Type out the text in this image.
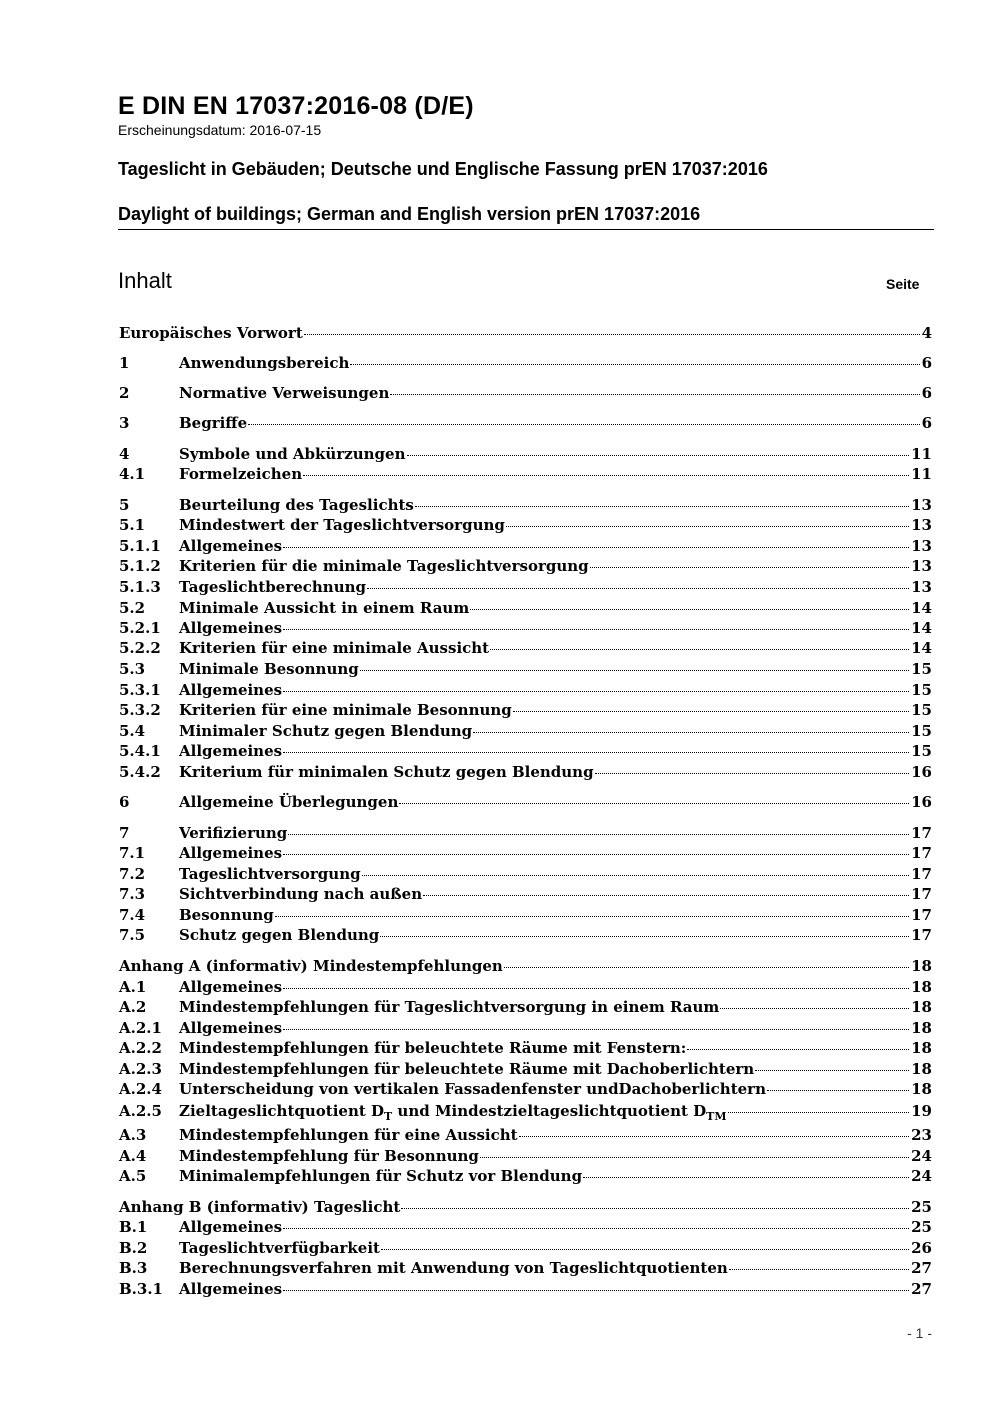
E DIN EN 17037:2016-08 (D/E)
Erscheinungsdatum: 2016-07-15
Tageslicht in Gebäuden; Deutsche und Englische Fassung prEN 17037:2016
Daylight of buildings; German and English version prEN 17037:2016
Inhalt	Seite
Europäisches Vorwort	4
1	Anwendungsbereich	6
2	Normative Verweisungen	6
3	Begriffe	6
4	Symbole und Abkürzungen	11
4.1	Formelzeichen	11
5	Beurteilung des Tageslichts	13
5.1	Mindestwert der Tageslichtversorgung	13
5.1.1	Allgemeines	13
5.1.2	Kriterien für die minimale Tageslichtversorgung	13
5.1.3	Tageslichtberechnung	13
5.2	Minimale Aussicht in einem Raum	14
5.2.1	Allgemeines	14
5.2.2	Kriterien für eine minimale Aussicht	14
5.3	Minimale Besonnung	15
5.3.1	Allgemeines	15
5.3.2	Kriterien für eine minimale Besonnung	15
5.4	Minimaler Schutz gegen Blendung	15
5.4.1	Allgemeines	15
5.4.2	Kriterium für minimalen Schutz gegen Blendung	16
6	Allgemeine Überlegungen	16
7	Verifizierung	17
7.1	Allgemeines	17
7.2	Tageslichtversorgung	17
7.3	Sichtverbindung nach außen	17
7.4	Besonnung	17
7.5	Schutz gegen Blendung	17
Anhang A (informativ) Mindestempfehlungen	18
A.1	Allgemeines	18
A.2	Mindestempfehlungen für Tageslichtversorgung in einem Raum	18
A.2.1	Allgemeines	18
A.2.2	Mindestempfehlungen für beleuchtete Räume mit Fenstern:	18
A.2.3	Mindestempfehlungen für beleuchtete Räume mit Dachoberlichtern	18
A.2.4	Unterscheidung von vertikalen Fassadenfenster undDachoberlichtern	18
A.2.5	Zieltageslichtquotient $D_T$ und Mindestzieltageslichtquotient $D_{TM}$	19
A.3	Mindestempfehlungen für eine Aussicht	23
A.4	Mindestempfehlung für Besonnung	24
A.5	Minimalempfehlungen für Schutz vor Blendung	24
Anhang B (informativ) Tageslicht	25
B.1	Allgemeines	25
B.2	Tageslichtverfügbarkeit	26
B.3	Berechnungsverfahren mit Anwendung von Tageslichtquotienten	27
B.3.1	Allgemeines	27
- 1 -
